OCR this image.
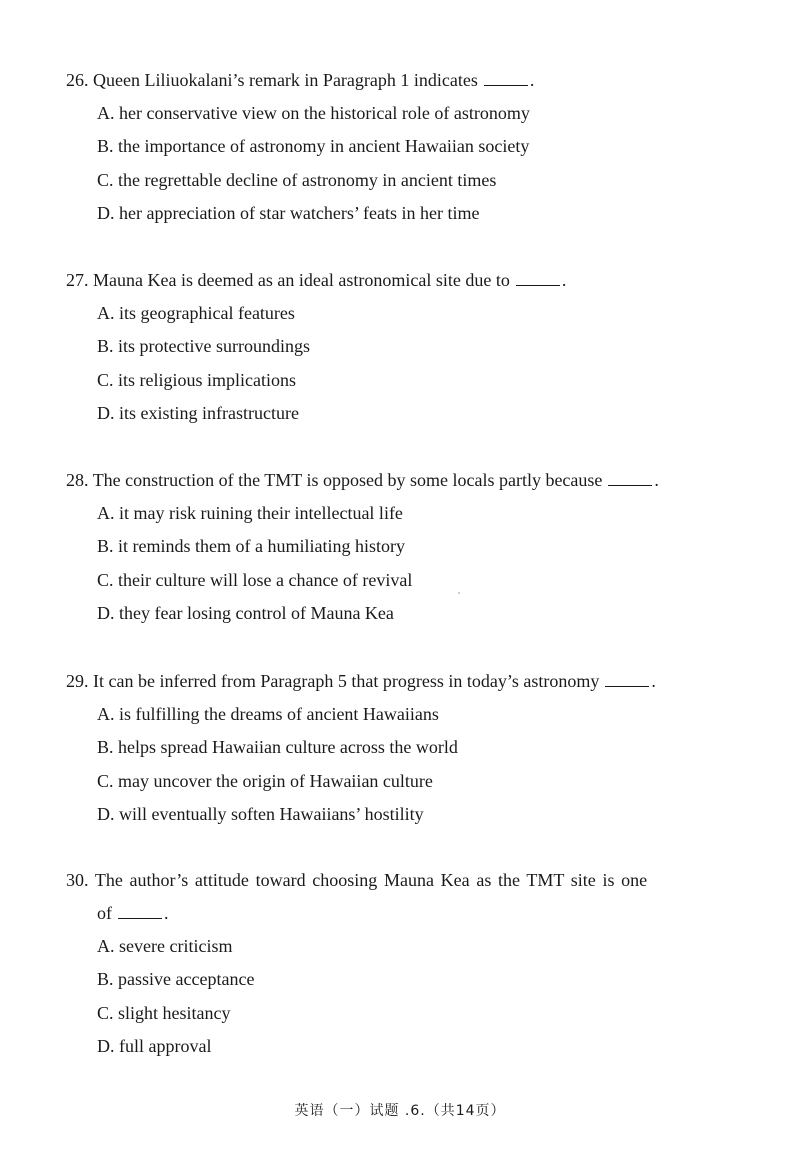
26. Queen Liliuokalani’s remark in Paragraph 1 indicates	.

A. her conservative view on the historical role of astronomy
B. the importance of astronomy in ancient Hawaiian society
C. the regrettable decline of astronomy in ancient times
D. her appreciation of star watchers’ feats in her time

27. Mauna Kea is deemed as an ideal astronomical site due to	.

A. its geographical features
B. its protective surroundings
C. its religious implications
D. its existing infrastructure

28. The construction of the TMT is opposed by some locals partly because	.

A. it may risk ruining their intellectual life
B. it reminds them of a humiliating history
C. their culture will lose a chance of revival
D. they fear losing control of Mauna Kea

29. It can be inferred from Paragraph 5 that progress in today’s astronomy	.

A. is fulfilling the dreams of ancient Hawaiians
B. helps spread Hawaiian culture across the world
C. may uncover the origin of Hawaiian culture
D. will eventually soften Hawaiians’ hostility

30. The author’s attitude toward choosing Mauna Kea as the TMT site is one

of	.

A. severe criticism
B. passive acceptance
C. slight hesitancy
D. full approval
英语（一）试题 .6.（共14页）
